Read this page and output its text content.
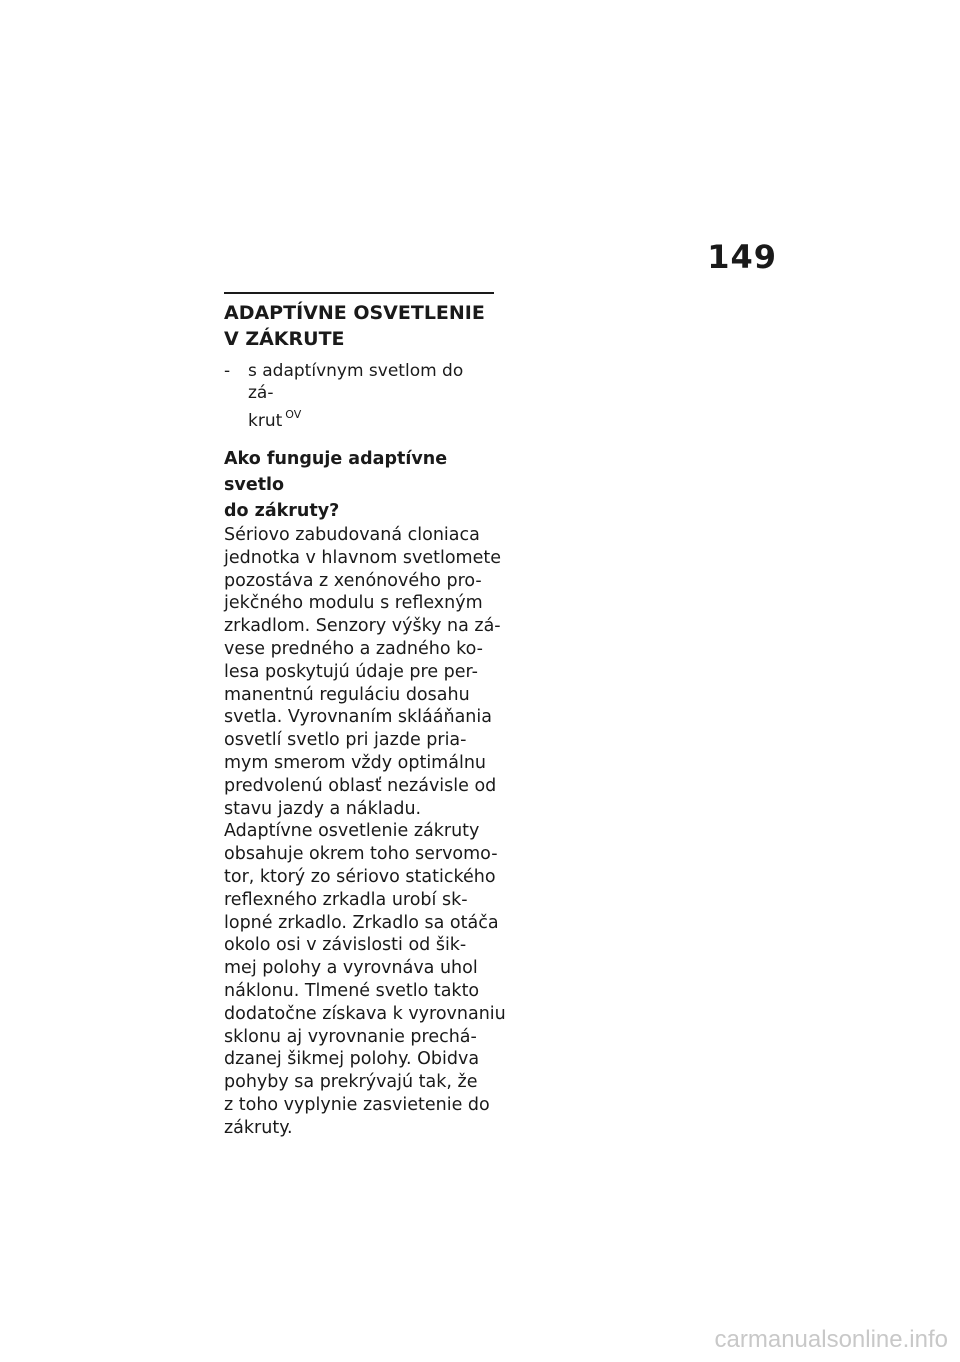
149
ADAPTÍVNE OSVETLENIE
V ZÁKRUTE
- s adaptívnym svetlom do zá-
krut $^{OV}$
Ako funguje adaptívne svetlo
do zákruty?

Sériovo zabudovaná cloniaca
jednotka v hlavnom svetlomete
pozostáva z xenónového pro-
jekčného modulu s reflexným
zrkadlom. Senzory výšky na zá-
vese predného a zadného ko-
lesa poskytujú údaje pre per-
manentnú reguláciu dosahu
svetla. Vyrovnaním sklááňania
osvetlí svetlo pri jazde pria-
mym smerom vždy optimálnu
predvolenú oblasť nezávisle od
stavu jazdy a nákladu.

Adaptívne osvetlenie zákruty
obsahuje okrem toho servomo-
tor, ktorý zo sériovo statického
reflexného zrkadla urobí sk-
lopné zrkadlo. Zrkadlo sa otáča
okolo osi v závislosti od šik-
mej polohy a vyrovnáva uhol
náklonu. Tlmené svetlo takto
dodatočne získava k vyrovnaniu
sklonu aj vyrovnanie prechá-
dzanej šikmej polohy. Obidva
pohyby sa prekrývajú tak, že
z toho vyplynie zasvietenie do
zákruty.

carmanualsonline.info
